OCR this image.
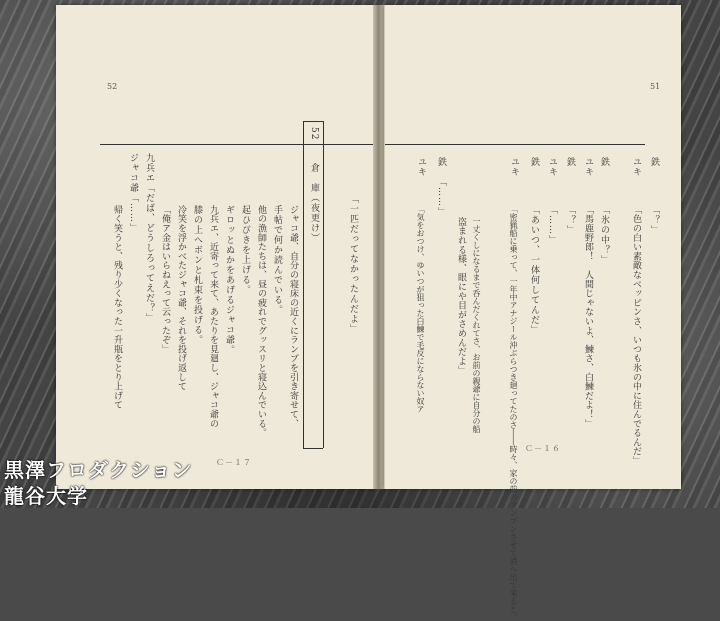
52
52
倉　庫（夜更け）	「一匹だってなかったんだよ」
ジャコ爺、自分の寝床の近くにランプを引き寄せて、
手帖で何か読んでいる。
他の漁師たちは、昼の疲れでグッスリと寝込んでいる。
起ひびきを上げる。
ギロッとぬかをあげるジャコ爺。
九兵エ、近寄って来て、あたりを見廻し、ジャコ爺の
膝の上へボンと札束を投げる。
冷笑を浮かべたジャコ爺、それを投げ返して
「俺ア金はいらねえって云ったぞ」
九兵エ「だば、どうしろってえだ？」
ジャコ爺「……」
帰く笑うと、残り少くなった一升瓶をとり上げて
Ｃ－１７
51
鉄
「？」
ユキ
「色の白い素敵なベッピンさ、いつも氷の中に住んでるんだ」
鉄
「氷の中？」
ユキ
「馬鹿野郎！　人間じゃないよ、鰊さ、白鰊だよ！」
鉄
「？」
ユキ
「……」
鉄
「あいつ、一体何してんだ」
ユキ
「密猟船に乗って、一年中アナジール沖ぶらつき廻ってたのさ――時々、家の前のアンプンさせて消へ出て来ると、
一丈くしになるまで呑んだくれてさ、お前の親爺に自分の船
盗まれる様、眼にや目がさめんだよ」
鉄
「……」
ユキ
「気をおつけ、ゆいつが狙った白鰊で毛反にならない奴ア
Ｃ－１６
黒澤フロダクション
龍谷大学
